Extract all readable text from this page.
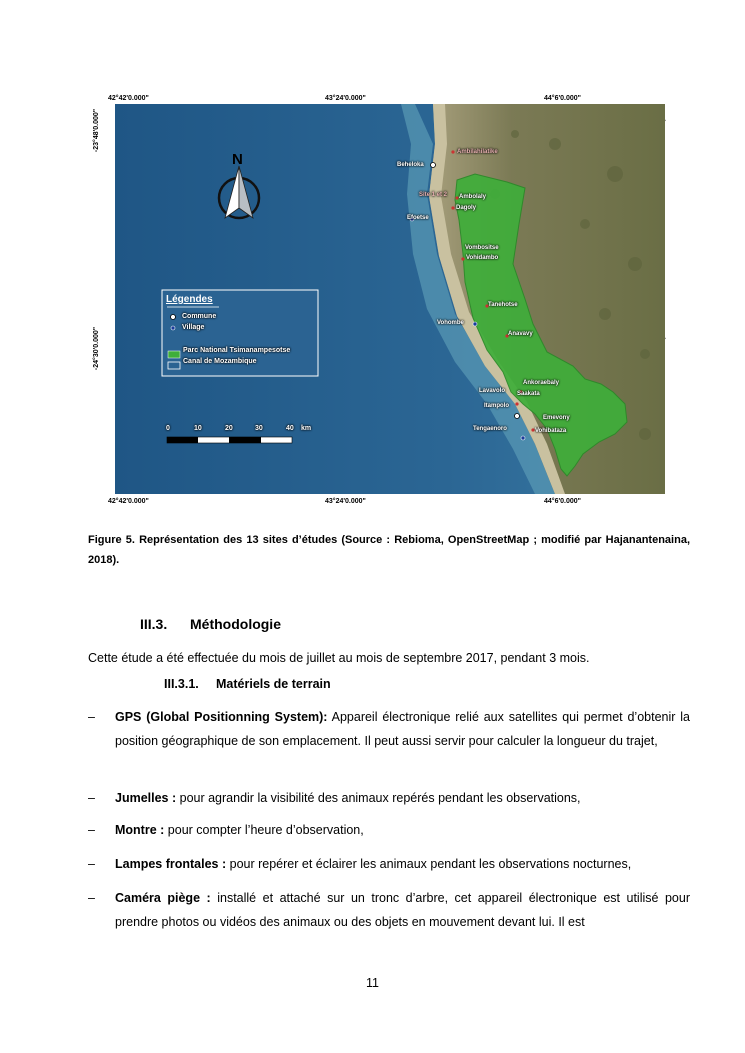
42°42'0.000"	43°24'0.000"	44°6'0.000"
42°42'0.000"	43°24'0.000"	44°6'0.000"
-23°48'0.000"
-24°30'0.000"
N
Légendes
Commune
Village
Parc National Tsimanampesotse
Canal de Mozambique
0	10	20	30	40 km
Ambilahilatike
Beheloka
Site 1 et 2 Ambolaly
Dagoly
Efoetse
Vombositse
Vohidambo
Tanehotse
Vohombe
Anavavy
Ankoraebaly
Lavavolo Saakata
Itampolo
Emevony
Tengaenoro	Vohibataza
Figure 5. Représentation des 13 sites d’études (Source : Rebioma, OpenStreetMap ; modifié par Hajanantenaina, 2018).
III.3. Méthodologie
Cette étude a été effectuée du mois de juillet au mois de septembre 2017, pendant 3 mois.
III.3.1. Matériels de terrain
– GPS (Global Positionning System): Appareil électronique relié aux satellites qui permet d’obtenir la position géographique de son emplacement. Il peut aussi servir pour calculer la longueur du trajet,
– Jumelles : pour agrandir la visibilité des animaux repérés pendant les observations,
– Montre : pour compter l’heure d’observation,
– Lampes frontales : pour repérer et éclairer les animaux pendant les observations nocturnes,
– Caméra piège : installé et attaché sur un tronc d’arbre, cet appareil électronique est utilisé pour prendre photos ou vidéos des animaux ou des objets en mouvement devant lui. Il est
11
